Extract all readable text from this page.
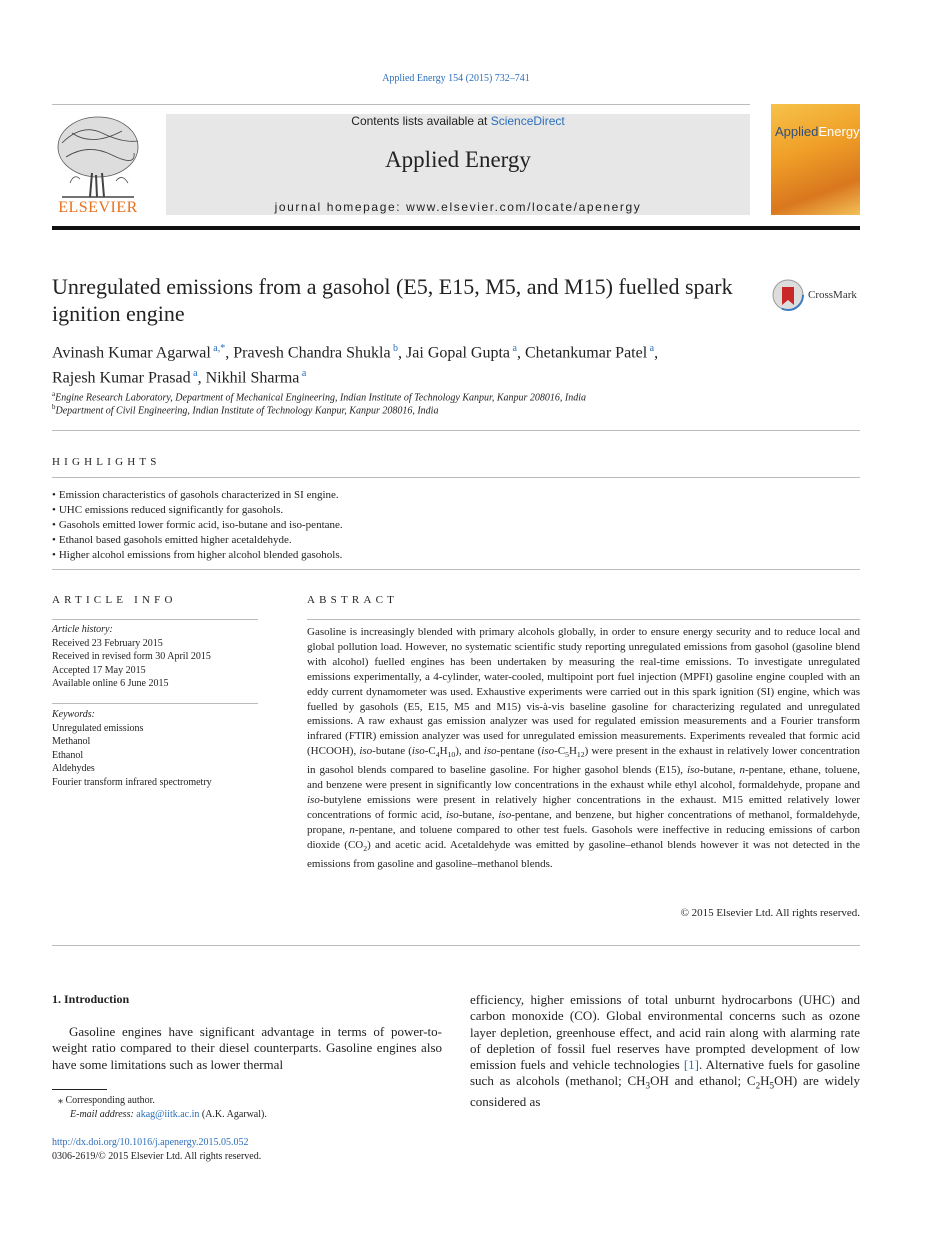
Applied Energy 154 (2015) 732–741
ELSEVIER
Contents lists available at ScienceDirect
Applied Energy
journal homepage: www.elsevier.com/locate/apenergy
AppliedEnergy
Unregulated emissions from a gasohol (E5, E15, M5, and M15) fuelled spark ignition engine
CrossMark
Avinash Kumar Agarwal $^{a,*}$, Pravesh Chandra Shukla $^b$, Jai Gopal Gupta $^a$, Chetankumar Patel $^a$,
Rajesh Kumar Prasad $^a$, Nikhil Sharma $^a$
$^a$Engine Research Laboratory, Department of Mechanical Engineering, Indian Institute of Technology Kanpur, Kanpur 208016, India
$^b$Department of Civil Engineering, Indian Institute of Technology Kanpur, Kanpur 208016, India
HIGHLIGHTS
• Emission characteristics of gasohols characterized in SI engine.
• UHC emissions reduced significantly for gasohols.
• Gasohols emitted lower formic acid, iso-butane and iso-pentane.
• Ethanol based gasohols emitted higher acetaldehyde.
• Higher alcohol emissions from higher alcohol blended gasohols.
ARTICLE INFO
Article history:
Received 23 February 2015
Received in revised form 30 April 2015
Accepted 17 May 2015
Available online 6 June 2015
Keywords:
Unregulated emissions
Methanol
Ethanol
Aldehydes
Fourier transform infrared spectrometry
ABSTRACT
Gasoline is increasingly blended with primary alcohols globally, in order to ensure energy security and to reduce local and global pollution load. However, no systematic scientific study reporting unregulated emissions from gasohol (gasoline blend with alcohol) fuelled engines has been undertaken by measuring the real-time emissions. To investigate unregulated emissions experimentally, a 4-cylinder, water-cooled, multipoint port fuel injection (MPFI) gasoline engine coupled with an eddy current dynamometer was used. Exhaustive experiments were carried out in this spark ignition (SI) engine, which was fuelled by gasohols (E5, E15, M5 and M15) vis-à-vis baseline gasoline for characterizing regulated and unregulated emissions. A raw exhaust gas emission analyzer was used for regulated emission measurements and a Fourier transform infrared (FTIR) emission analyzer was used for unregulated emission measurements. Experiments revealed that formic acid (HCOOH), iso-butane $(iso-C_4H_{10})$, and iso-pentane $(iso-C_5H_{12})$ were present in the exhaust in relatively lower concentration in gasohol blends compared to baseline gasoline. For higher gasohol blends (E15), iso-butane, n-pentane, ethane, toluene, and benzene were present in significantly low concentrations in the exhaust while ethyl alcohol, formaldehyde, propane and iso-butylene emissions were present in relatively higher concentrations in the exhaust. M15 emitted relatively lower concentrations of formic acid, iso-butane, iso-pentane, and benzene, but higher concentrations of methanol, formaldehyde, propane, n-pentane, and toluene compared to other test fuels. Gasohols were ineffective in reducing emissions of carbon dioxide $(CO_2)$ and acetic acid. Acetaldehyde was emitted by gasoline–ethanol blends however it was not detected in the emissions from gasoline and gasoline–methanol blends.
© 2015 Elsevier Ltd. All rights reserved.
1. Introduction
Gasoline engines have significant advantage in terms of power-to-weight ratio compared to their diesel counterparts. Gasoline engines also have some limitations such as lower thermal
efficiency, higher emissions of total unburnt hydrocarbons (UHC) and carbon monoxide (CO). Global environmental concerns such as ozone layer depletion, greenhouse effect, and acid rain along with alarming rate of depletion of fossil fuel reserves have prompted development of low emission fuels and vehicle technologies [1]. Alternative fuels for gasoline such as alcohols (methanol; $CH_3OH$ and ethanol; $C_2H_5OH$) are widely considered as
⁎ Corresponding author.
E-mail address: akag@iitk.ac.in (A.K. Agarwal).
http://dx.doi.org/10.1016/j.apenergy.2015.05.052
0306-2619/© 2015 Elsevier Ltd. All rights reserved.
